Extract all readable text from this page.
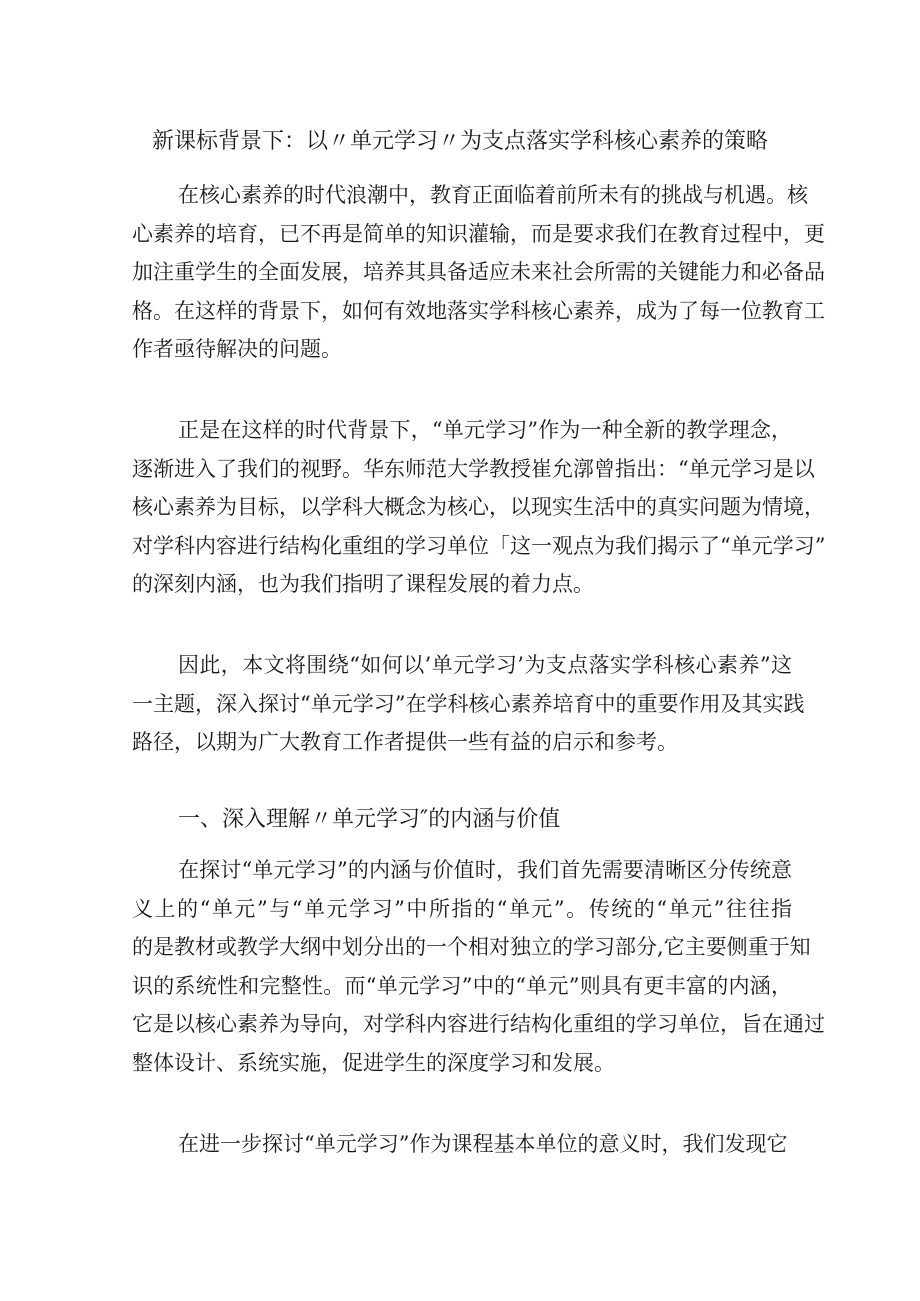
新课标背景下：以〃单元学习〃为支点落实学科核心素养的策略
在核心素养的时代浪潮中，教育正面临着前所未有的挑战与机遇。核
心素养的培育，已不再是简单的知识灌输，而是要求我们在教育过程中，更
加注重学生的全面发展，培养其具备适应未来社会所需的关键能力和必备品
格。在这样的背景下，如何有效地落实学科核心素养，成为了每一位教育工
作者亟待解决的问题。
正是在这样的时代背景下，“单元学习”作为一种全新的教学理念，
逐渐进入了我们的视野。华东师范大学教授崔允漷曾指出：“单元学习是以
核心素养为目标，以学科大概念为核心，以现实生活中的真实问题为情境，
对学科内容进行结构化重组的学习单位「这一观点为我们揭示了“单元学习”
的深刻内涵，也为我们指明了课程发展的着力点。
因此，本文将围绕“如何以’单元学习’为支点落实学科核心素养”这
一主题，深入探讨“单元学习”在学科核心素养培育中的重要作用及其实践
路径，以期为广大教育工作者提供一些有益的启示和参考。
一、深入理解〃单元学习″的内涵与价值
在探讨“单元学习”的内涵与价值时，我们首先需要清晰区分传统意
义上的“单元”与“单元学习”中所指的“单元”。传统的“单元”往往指
的是教材或教学大纲中划分出的一个相对独立的学习部分,它主要侧重于知
识的系统性和完整性。而“单元学习”中的“单元”则具有更丰富的内涵，
它是以核心素养为导向，对学科内容进行结构化重组的学习单位，旨在通过
整体设计、系统实施，促进学生的深度学习和发展。
在进一步探讨“单元学习”作为课程基本单位的意义时，我们发现它
